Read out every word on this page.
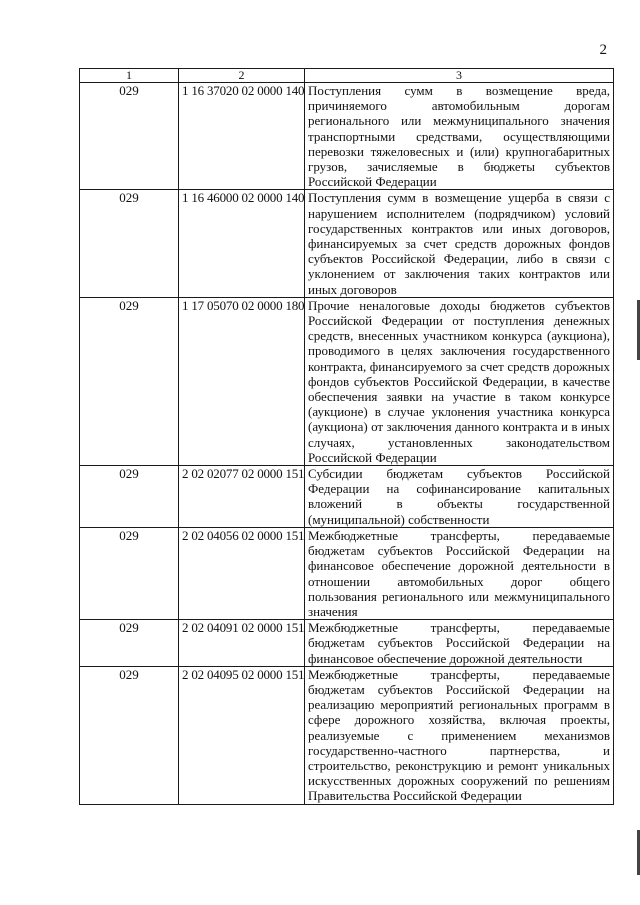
2
1	2	3
029	1 16 37020 02 0000 140	Поступления сумм в возмещение вреда, причиняемого автомобильным дорогам регионального или межмуниципального значения транспортными средствами, осуществляющими перевозки тяжеловесных и (или) крупногабаритных грузов, зачисляемые в бюджеты субъектов Российской Федерации
029	1 16 46000 02 0000 140	Поступления сумм в возмещение ущерба в связи с нарушением исполнителем (подрядчиком) условий государственных контрактов или иных договоров, финансируемых за счет средств дорожных фондов субъектов Российской Федерации, либо в связи с уклонением от заключения таких контрактов или иных договоров
029	1 17 05070 02 0000 180	Прочие неналоговые доходы бюджетов субъектов Российской Федерации от поступления денежных средств, внесенных участником конкурса (аукциона), проводимого в целях заключения государственного контракта, финансируемого за счет средств дорожных фондов субъектов Российской Федерации, в качестве обеспечения заявки на участие в таком конкурсе (аукционе) в случае уклонения участника конкурса (аукциона) от заключения данного контракта и в иных случаях, установленных законодательством Российской Федерации
029	2 02 02077 02 0000 151	Субсидии бюджетам субъектов Российской Федерации на софинансирование капитальных вложений в объекты государственной (муниципальной) собственности
029	2 02 04056 02 0000 151	Межбюджетные трансферты, передаваемые бюджетам субъектов Российской Федерации на финансовое обеспечение дорожной деятельности в отношении автомобильных дорог общего пользования регионального или межмуниципального значения
029	2 02 04091 02 0000 151	Межбюджетные трансферты, передаваемые бюджетам субъектов Российской Федерации на финансовое обеспечение дорожной деятельности
029	2 02 04095 02 0000 151	Межбюджетные трансферты, передаваемые бюджетам субъектов Российской Федерации на реализацию мероприятий региональных программ в сфере дорожного хозяйства, включая проекты, реализуемые с применением механизмов государственно-частного партнерства, и строительство, реконструкцию и ремонт уникальных искусственных дорожных сооружений по решениям Правительства Российской Федерации
